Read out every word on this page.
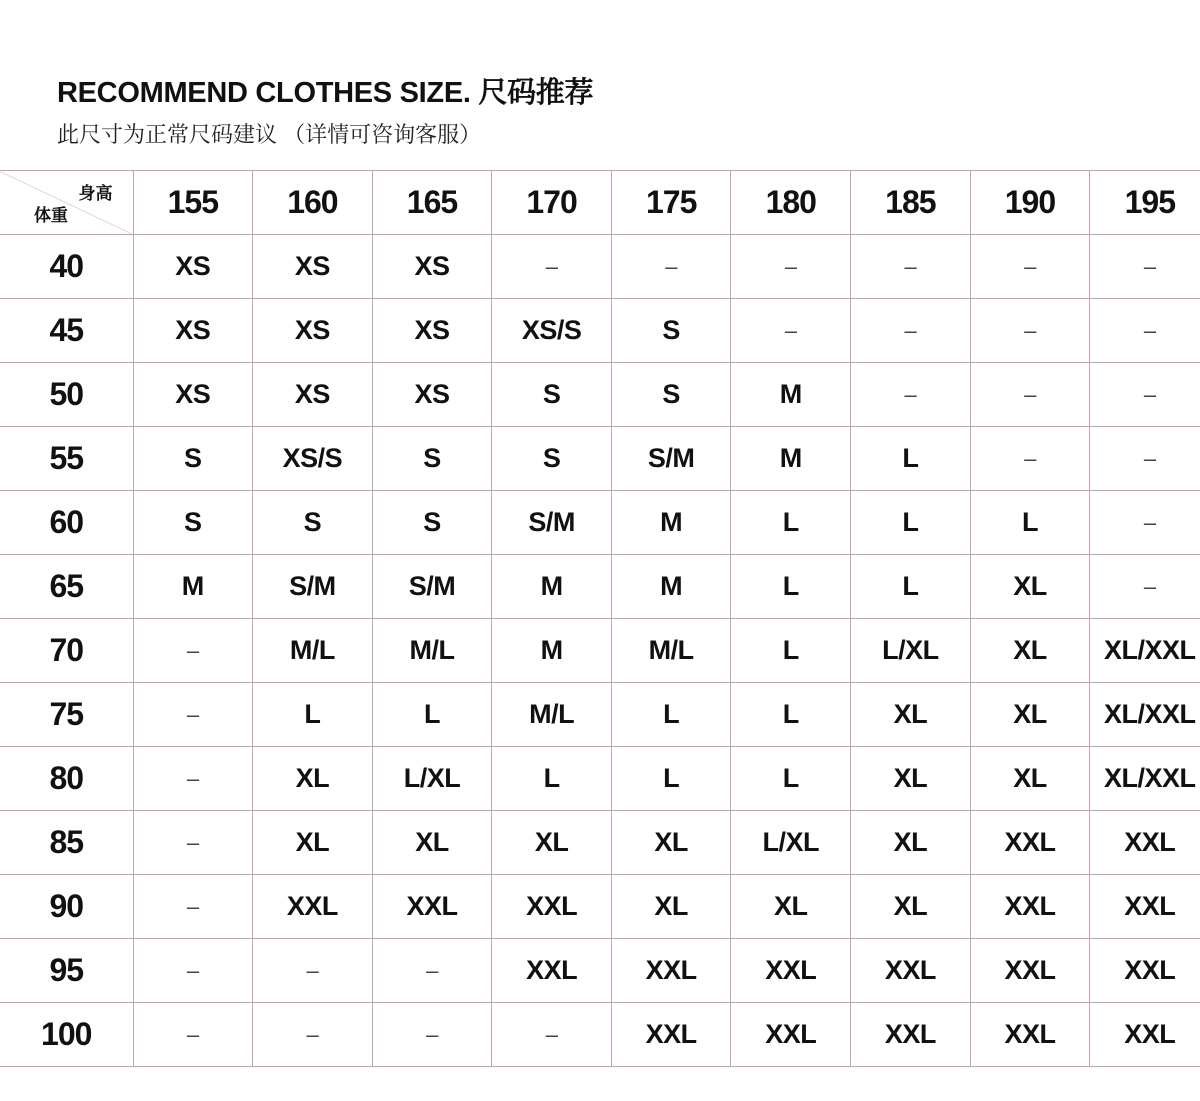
RECOMMEND CLOTHES SIZE. 尺码推荐
此尺寸为正常尺码建议 （详情可咨询客服）
身高
体重	155	160	165	170	175	180	185	190	195
40	XS	XS	XS	–	–	–	–	–	–
45	XS	XS	XS	XS/S	S	–	–	–	–
50	XS	XS	XS	S	S	M	–	–	–
55	S	XS/S	S	S	S/M	M	L	–	–
60	S	S	S	S/M	M	L	L	L	–
65	M	S/M	S/M	M	M	L	L	XL	–
70	–	M/L	M/L	M	M/L	L	L/XL	XL	XL/XXL
75	–	L	L	M/L	L	L	XL	XL	XL/XXL
80	–	XL	L/XL	L	L	L	XL	XL	XL/XXL
85	–	XL	XL	XL	XL	L/XL	XL	XXL	XXL
90	–	XXL	XXL	XXL	XL	XL	XL	XXL	XXL
95	–	–	–	XXL	XXL	XXL	XXL	XXL	XXL
100	–	–	–	–	XXL	XXL	XXL	XXL	XXL
